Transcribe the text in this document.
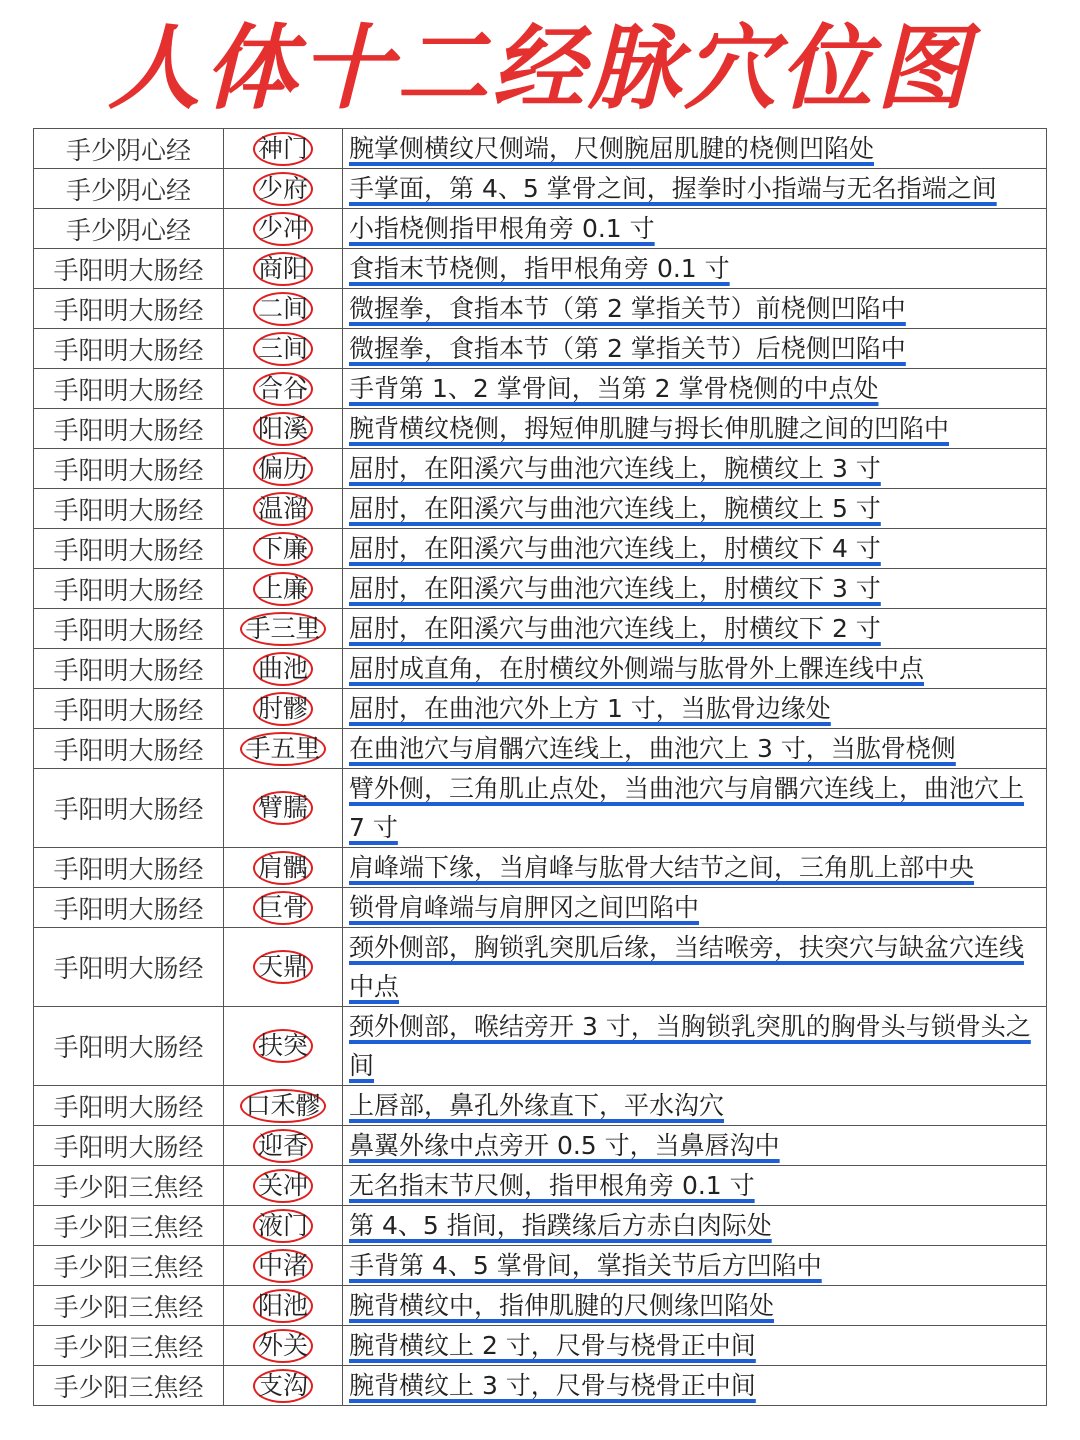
人体十二经脉穴位图
手少阴心经	神门	腕掌侧横纹尺侧端，尺侧腕屈肌腱的桡侧凹陷处
手少阴心经	少府	手掌面，第 4、5 掌骨之间，握拳时小指端与无名指端之间
手少阴心经	少冲	小指桡侧指甲根角旁 0.1 寸
手阳明大肠经	商阳	食指末节桡侧，指甲根角旁 0.1 寸
手阳明大肠经	二间	微握拳，食指本节（第 2 掌指关节）前桡侧凹陷中
手阳明大肠经	三间	微握拳，食指本节（第 2 掌指关节）后桡侧凹陷中
手阳明大肠经	合谷	手背第 1、2 掌骨间，当第 2 掌骨桡侧的中点处
手阳明大肠经	阳溪	腕背横纹桡侧，拇短伸肌腱与拇长伸肌腱之间的凹陷中
手阳明大肠经	偏历	屈肘，在阳溪穴与曲池穴连线上，腕横纹上 3 寸
手阳明大肠经	温溜	屈肘，在阳溪穴与曲池穴连线上，腕横纹上 5 寸
手阳明大肠经	下廉	屈肘，在阳溪穴与曲池穴连线上，肘横纹下 4 寸
手阳明大肠经	上廉	屈肘，在阳溪穴与曲池穴连线上，肘横纹下 3 寸
手阳明大肠经	手三里	屈肘，在阳溪穴与曲池穴连线上，肘横纹下 2 寸
手阳明大肠经	曲池	屈肘成直角，在肘横纹外侧端与肱骨外上髁连线中点
手阳明大肠经	肘髎	屈肘，在曲池穴外上方 1 寸，当肱骨边缘处
手阳明大肠经	手五里	在曲池穴与肩髃穴连线上，曲池穴上 3 寸，当肱骨桡侧
手阳明大肠经	臂臑	臂外侧，三角肌止点处，当曲池穴与肩髃穴连线上，曲池穴上 7 寸
手阳明大肠经	肩髃	肩峰端下缘，当肩峰与肱骨大结节之间，三角肌上部中央
手阳明大肠经	巨骨	锁骨肩峰端与肩胛冈之间凹陷中
手阳明大肠经	天鼎	颈外侧部，胸锁乳突肌后缘，当结喉旁，扶突穴与缺盆穴连线中点
手阳明大肠经	扶突	颈外侧部，喉结旁开 3 寸，当胸锁乳突肌的胸骨头与锁骨头之间
手阳明大肠经	口禾髎	上唇部，鼻孔外缘直下，平水沟穴
手阳明大肠经	迎香	鼻翼外缘中点旁开 0.5 寸，当鼻唇沟中
手少阳三焦经	关冲	无名指末节尺侧，指甲根角旁 0.1 寸
手少阳三焦经	液门	第 4、5 指间，指蹼缘后方赤白肉际处
手少阳三焦经	中渚	手背第 4、5 掌骨间，掌指关节后方凹陷中
手少阳三焦经	阳池	腕背横纹中，指伸肌腱的尺侧缘凹陷处
手少阳三焦经	外关	腕背横纹上 2 寸，尺骨与桡骨正中间
手少阳三焦经	支沟	腕背横纹上 3 寸，尺骨与桡骨正中间
